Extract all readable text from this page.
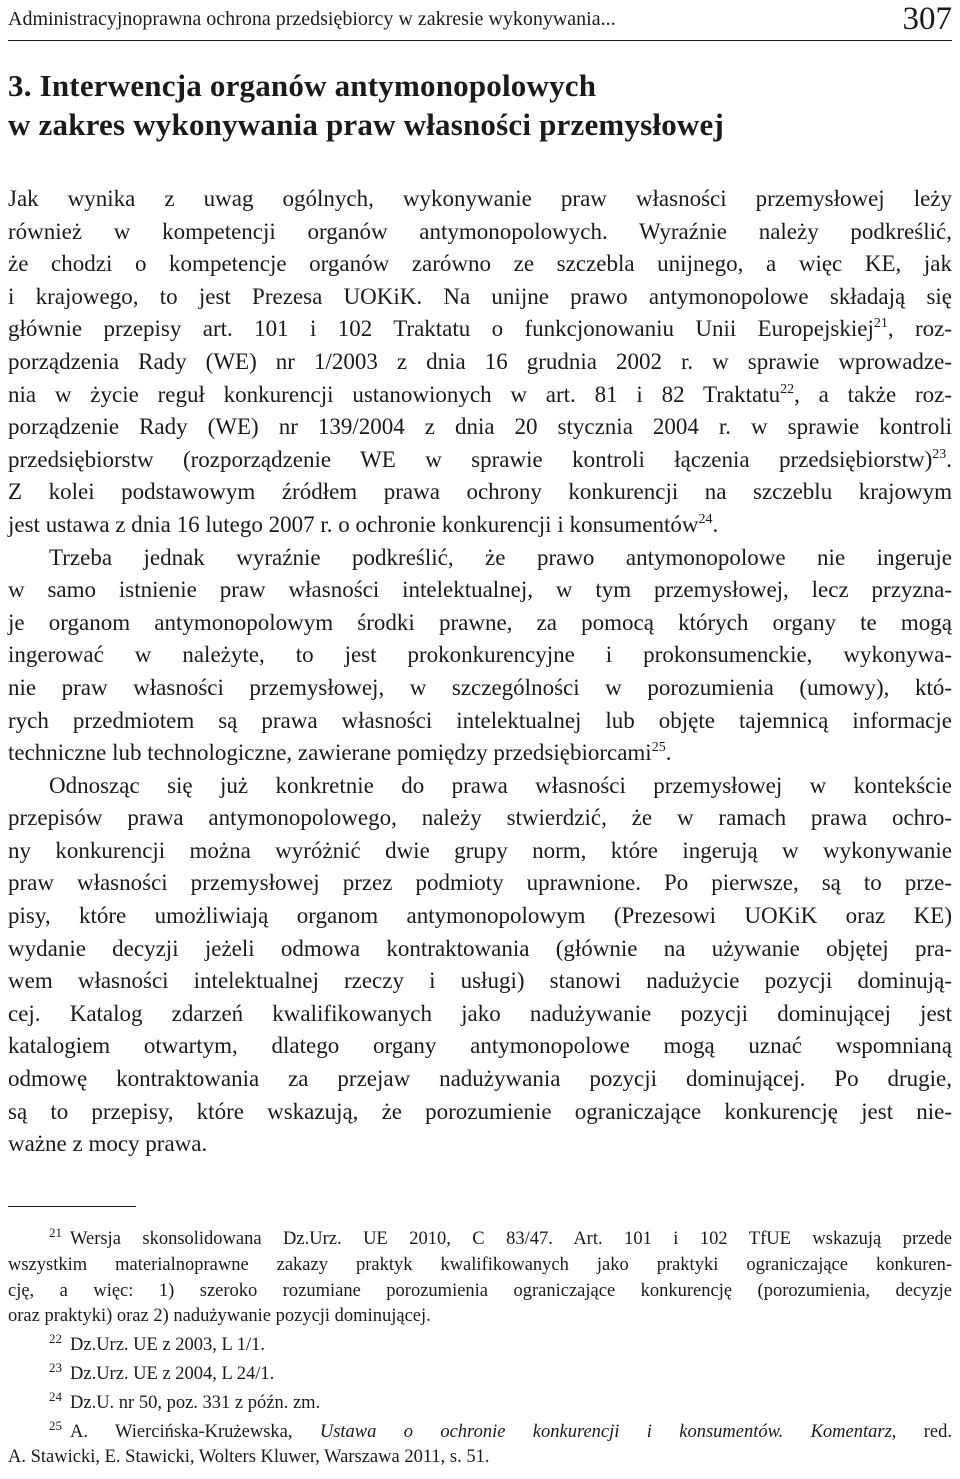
Administracyjnoprawna ochrona przedsiębiorcy w zakresie wykonywania...	307
3. Interwencja organów antymonopolowych
w zakres wykonywania praw własności przemysłowej
Jak wynika z uwag ogólnych, wykonywanie praw własności przemysłowej leży
również w kompetencji organów antymonopolowych. Wyraźnie należy podkreślić,
że chodzi o kompetencje organów zarówno ze szczebla unijnego, a więc KE, jak
i krajowego, to jest Prezesa UOKiK. Na unijne prawo antymonopolowe składają się
głównie przepisy art. 101 i 102 Traktatu o funkcjonowaniu Unii Europejskiej$^{21}$, roz-
porządzenia Rady (WE) nr 1/2003 z dnia 16 grudnia 2002 r. w sprawie wprowadze-
nia w życie reguł konkurencji ustanowionych w art. 81 i 82 Traktatu$^{22}$, a także roz-
porządzenie Rady (WE) nr 139/2004 z dnia 20 stycznia 2004 r. w sprawie kontroli
przedsiębiorstw (rozporządzenie WE w sprawie kontroli łączenia przedsiębiorstw)$^{23}$.
Z kolei podstawowym źródłem prawa ochrony konkurencji na szczeblu krajowym
jest ustawa z dnia 16 lutego 2007 r. o ochronie konkurencji i konsumentów$^{24}$.
Trzeba jednak wyraźnie podkreślić, że prawo antymonopolowe nie ingeruje
w samo istnienie praw własności intelektualnej, w tym przemysłowej, lecz przyzna-
je organom antymonopolowym środki prawne, za pomocą których organy te mogą
ingerować w należyte, to jest prokonkurencyjne i prokonsumenckie, wykonywa-
nie praw własności przemysłowej, w szczególności w porozumienia (umowy), któ-
rych przedmiotem są prawa własności intelektualnej lub objęte tajemnicą informacje
techniczne lub technologiczne, zawierane pomiędzy przedsiębiorcami$^{25}$.
Odnosząc się już konkretnie do prawa własności przemysłowej w kontekście
przepisów prawa antymonopolowego, należy stwierdzić, że w ramach prawa ochro-
ny konkurencji można wyróżnić dwie grupy norm, które ingerują w wykonywanie
praw własności przemysłowej przez podmioty uprawnione. Po pierwsze, są to prze-
pisy, które umożliwiają organom antymonopolowym (Prezesowi UOKiK oraz KE)
wydanie decyzji jeżeli odmowa kontraktowania (głównie na używanie objętej pra-
wem własności intelektualnej rzeczy i usługi) stanowi nadużycie pozycji dominują-
cej. Katalog zdarzeń kwalifikowanych jako nadużywanie pozycji dominującej jest
katalogiem otwartym, dlatego organy antymonopolowe mogą uznać wspomnianą
odmowę kontraktowania za przejaw nadużywania pozycji dominującej. Po drugie,
są to przepisy, które wskazują, że porozumienie ograniczające konkurencję jest nie-
ważne z mocy prawa.
$^{21}$ Wersja skonsolidowana Dz.Urz. UE 2010, C 83/47. Art. 101 i 102 TfUE wskazują przede
wszystkim materialnoprawne zakazy praktyk kwalifikowanych jako praktyki ograniczające konkuren-
cję, a więc: 1) szeroko rozumiane porozumienia ograniczające konkurencję (porozumienia, decyzje
oraz praktyki) oraz 2) nadużywanie pozycji dominującej.
$^{22}$ Dz.Urz. UE z 2003, L 1/1.
$^{23}$ Dz.Urz. UE z 2004, L 24/1.
$^{24}$ Dz.U. nr 50, poz. 331 z późn. zm.
$^{25}$ A. Wiercińska-Krużewska, Ustawa o ochronie konkurencji i konsumentów. Komentarz, red.
A. Stawicki, E. Stawicki, Wolters Kluwer, Warszawa 2011, s. 51.
